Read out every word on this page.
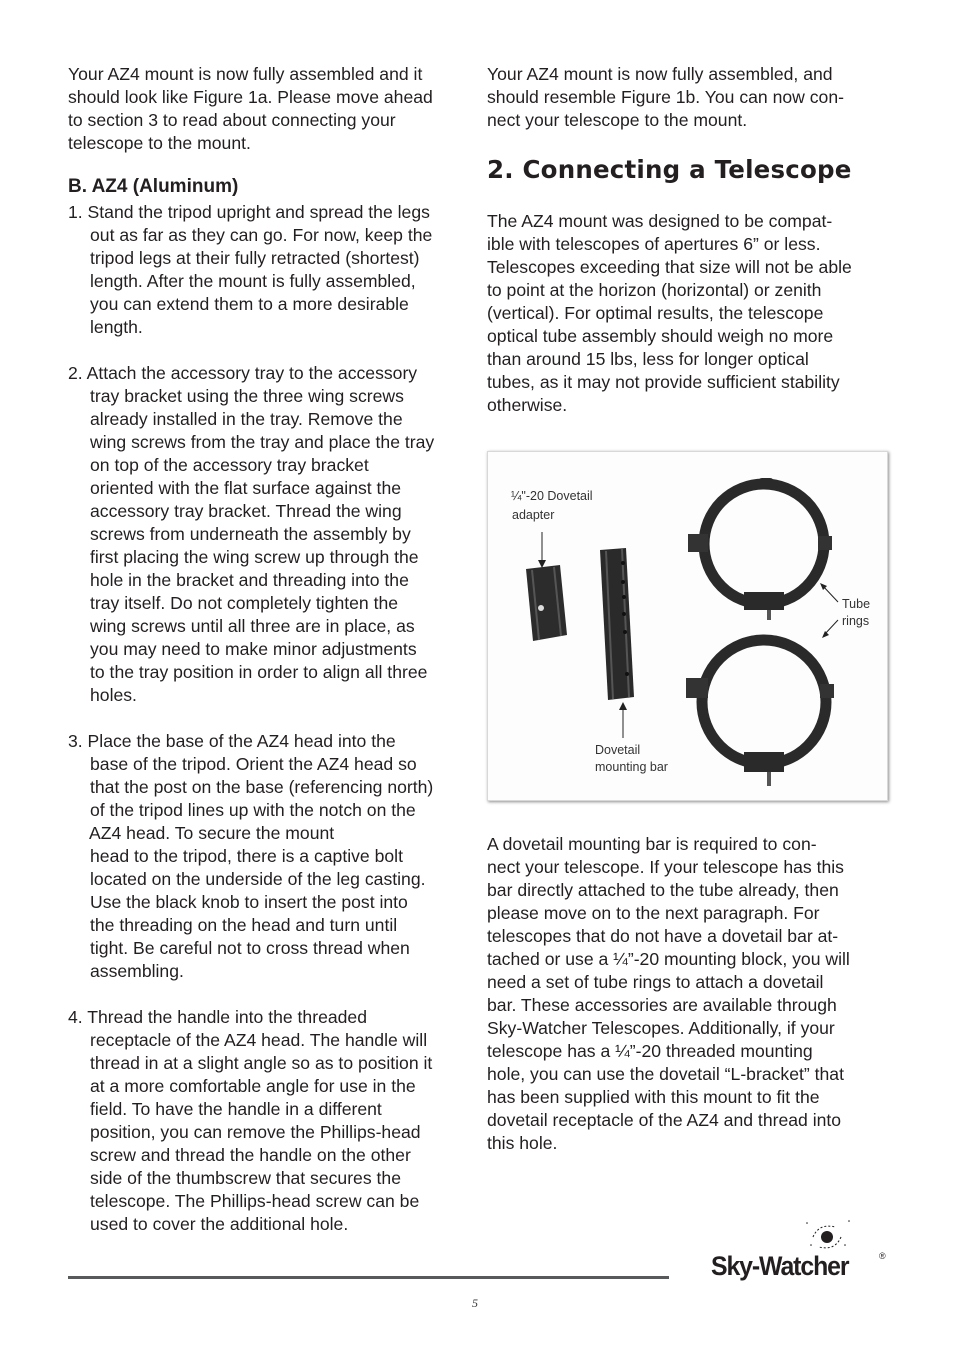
Your AZ4 mount is now fully assembled and it
should look like Figure 1a. Please move ahead
to section 3 to read about connecting your
telescope to the mount.
B. AZ4 (Aluminum)
1. Stand the tripod upright and spread the legs
out as far as they can go. For now, keep the
tripod legs at their fully retracted (shortest)
length. After the mount is fully assembled,
you can extend them to a more desirable
length.
2. Attach the accessory tray to the accessory
tray bracket using the three wing screws
already installed in the tray. Remove the
wing screws from the tray and place the tray
on top of the accessory tray bracket
oriented with the flat surface against the
accessory tray bracket. Thread the wing
screws from underneath the assembly by
first placing the wing screw up through the
hole in the bracket and threading into the
tray itself. Do not completely tighten the
wing screws until all three are in place, as
you may need to make minor adjustments
to the tray position in order to align all three
holes.
3. Place the base of the AZ4 head into the
base of the tripod. Orient the AZ4 head so
that the post on the base (referencing north)
of the tripod lines up with the notch on the
AZ4 head. To secure the mount
head to the tripod, there is a captive bolt
located on the underside of the leg casting.
Use the black knob to insert the post into
the threading on the head and turn until
tight. Be careful not to cross thread when
assembling.
4. Thread the handle into the threaded
receptacle of the AZ4 head. The handle will
thread in at a slight angle so as to position it
at a more comfortable angle for use in the
field. To have the handle in a different
position, you can remove the Phillips-head
screw and thread the handle on the other
side of the thumbscrew that secures the
telescope. The Phillips-head screw can be
used to cover the additional hole.
Your AZ4 mount is now fully assembled, and
should resemble Figure 1b. You can now con-
nect your telescope to the mount.
2. Connecting a Telescope
The AZ4 mount was designed to be compat-
ible with telescopes of apertures 6” or less.
Telescopes exceeding that size will not be able
to point at the horizon (horizontal) or zenith
(vertical). For optimal results, the telescope
optical tube assembly should weigh no more
than around 15 lbs, less for longer optical
tubes, as it may not provide sufficient stability
otherwise.
¼"-20 Dovetail
adapter
Dovetail
mounting bar
Tube
rings
A dovetail mounting bar is required to con-
nect your telescope. If your telescope has this
bar directly attached to the tube already, then
please move on to the next paragraph. For
telescopes that do not have a dovetail bar at-
tached or use a ¼”-20 mounting block, you will
need a set of tube rings to attach a dovetail
bar. These accessories are available through
Sky-Watcher Telescopes. Additionally, if your
telescope has a ¼”-20 threaded mounting
hole, you can use the dovetail “L-bracket” that
has been supplied with this mount to fit the
dovetail receptacle of the AZ4 and thread into
this hole.
5
Sky-Watcher	®
